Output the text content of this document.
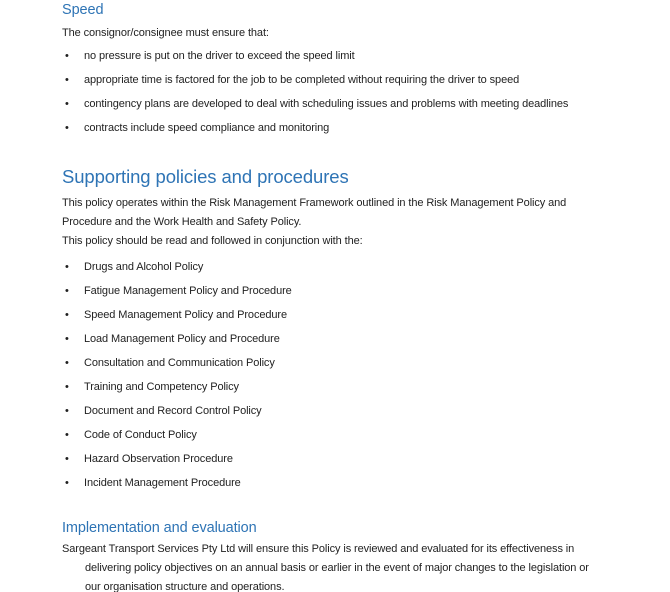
Speed

The consignor/consignee must ensure that:

• no pressure is put on the driver to exceed the speed limit
• appropriate time is factored for the job to be completed without requiring the driver to speed
• contingency plans are developed to deal with scheduling issues and problems with meeting deadlines
• contracts include speed compliance and monitoring
Supporting policies and procedures

This policy operates within the Risk Management Framework outlined in the Risk Management Policy and Procedure and the Work Health and Safety Policy.

This policy should be read and followed in conjunction with the:

• Drugs and Alcohol Policy
• Fatigue Management Policy and Procedure
• Speed Management Policy and Procedure
• Load Management Policy and Procedure
• Consultation and Communication Policy
• Training and Competency Policy
• Document and Record Control Policy
• Code of Conduct Policy
• Hazard Observation Procedure
• Incident Management Procedure
Implementation and evaluation

Sargeant Transport Services Pty Ltd will ensure this Policy is reviewed and evaluated for its effectiveness in delivering policy objectives on an annual basis or earlier in the event of major changes to the legislation or our organisation structure and operations.
